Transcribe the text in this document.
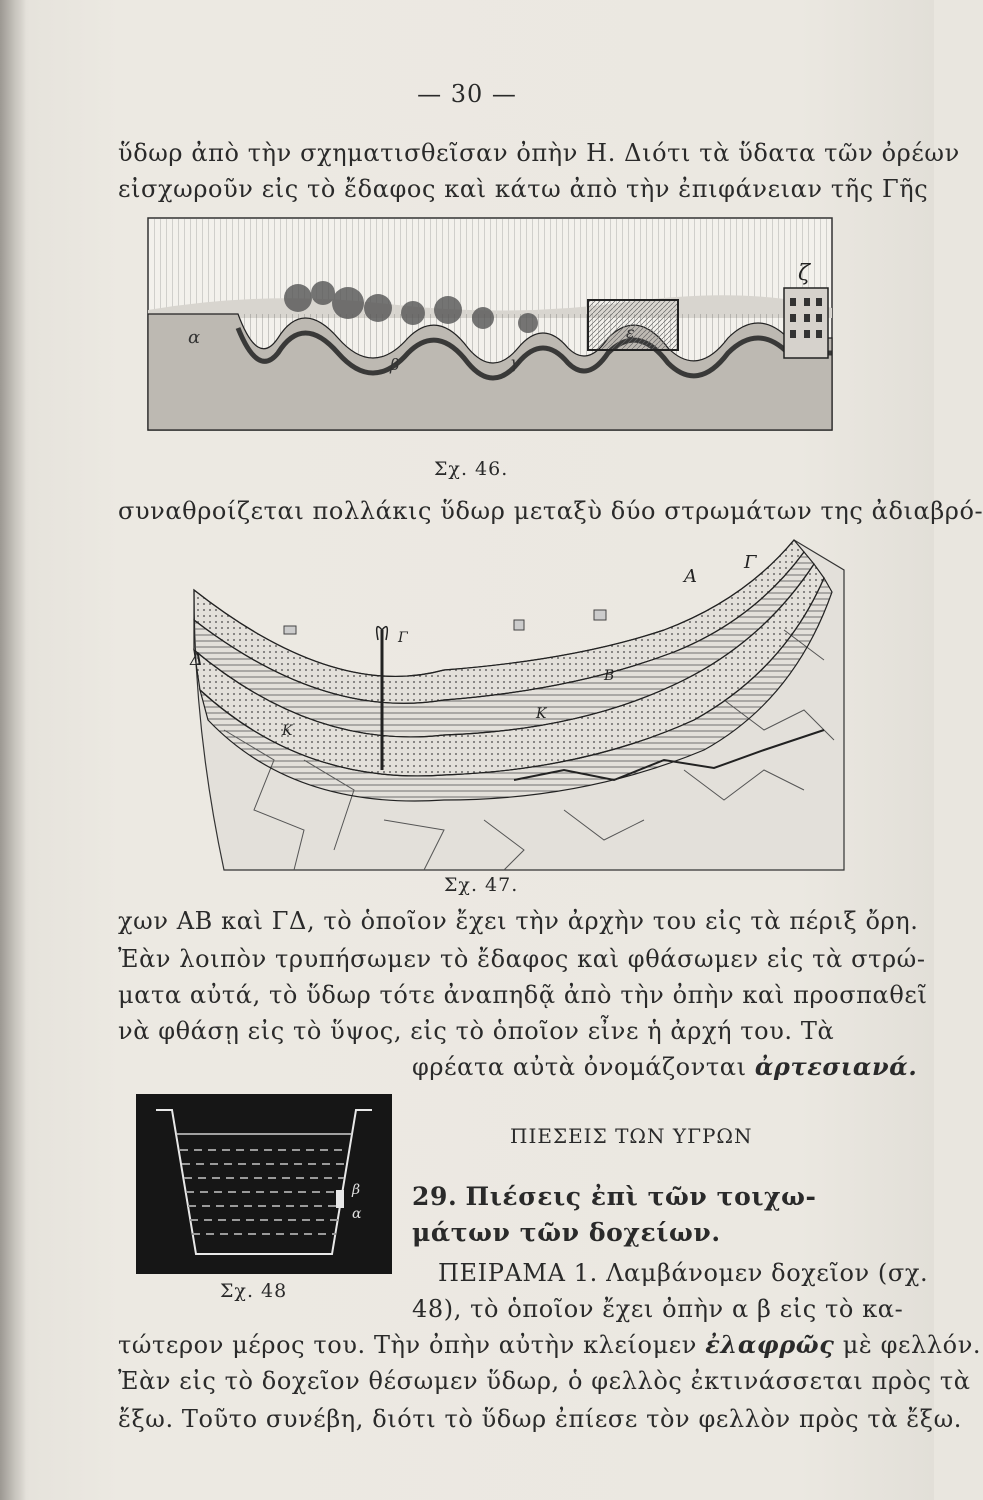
— 30 —
ὕδωρ ἀπὸ τὴν σχηματισθεῖσαν ὀπὴν Η. Διότι τὰ ὕδατα τῶν ὀρέων
εἰσχωροῦν εἰς τὸ ἔδαφος καὶ κάτω ἀπὸ τὴν ἐπιφάνειαν τῆς Γῆς
α
β	γ
ε
ζ
Σχ. 46.
συναθροίζεται πολλάκις ὕδωρ μεταξὺ δύο στρωμάτων της ἀδιαβρό-
Δ
Γ
Α
Β
Κ
Κ
Γ
Σχ. 47.
χων ΑΒ καὶ ΓΔ, τὸ ὁποῖον ἔχει τὴν ἀρχὴν του εἰς τὰ πέριξ ὄρη.
Ἐὰν λοιπὸν τρυπήσωμεν τὸ ἔδαφος καὶ φθάσωμεν εἰς τὰ στρώ-
ματα αὐτά, τὸ ὕδωρ τότε ἀναπηδᾷ ἀπὸ τὴν ὀπὴν καὶ προσπαθεῖ
νὰ φθάσῃ εἰς τὸ ὕψος, εἰς τὸ ὁποῖον εἶνε ἡ ἀρχή του. Τὰ
φρέατα αὐτὰ ὀνομάζονται ἀρτεσιανά.
β
α
Σχ. 48
ΠΙΕΣΕΙΣ ΤΩΝ ΥΓΡΩΝ
29. Πιέσεις ἐπὶ τῶν τοιχω-
μάτων τῶν δοχείων.
ΠΕΙΡΑΜΑ 1. Λαμβάνομεν δοχεῖον (σχ.
48), τὸ ὁποῖον ἔχει ὀπὴν α β εἰς τὸ κα-
τώτερον μέρος του. Τὴν ὀπὴν αὐτὴν κλείομεν ἐλαφρῶς μὲ φελλόν.
Ἐὰν εἰς τὸ δοχεῖον θέσωμεν ὕδωρ, ὁ φελλὸς ἐκτινάσσεται πρὸς τὰ
ἔξω. Τοῦτο συνέβη, διότι τὸ ὕδωρ ἐπίεσε τὸν φελλὸν πρὸς τὰ ἔξω.
